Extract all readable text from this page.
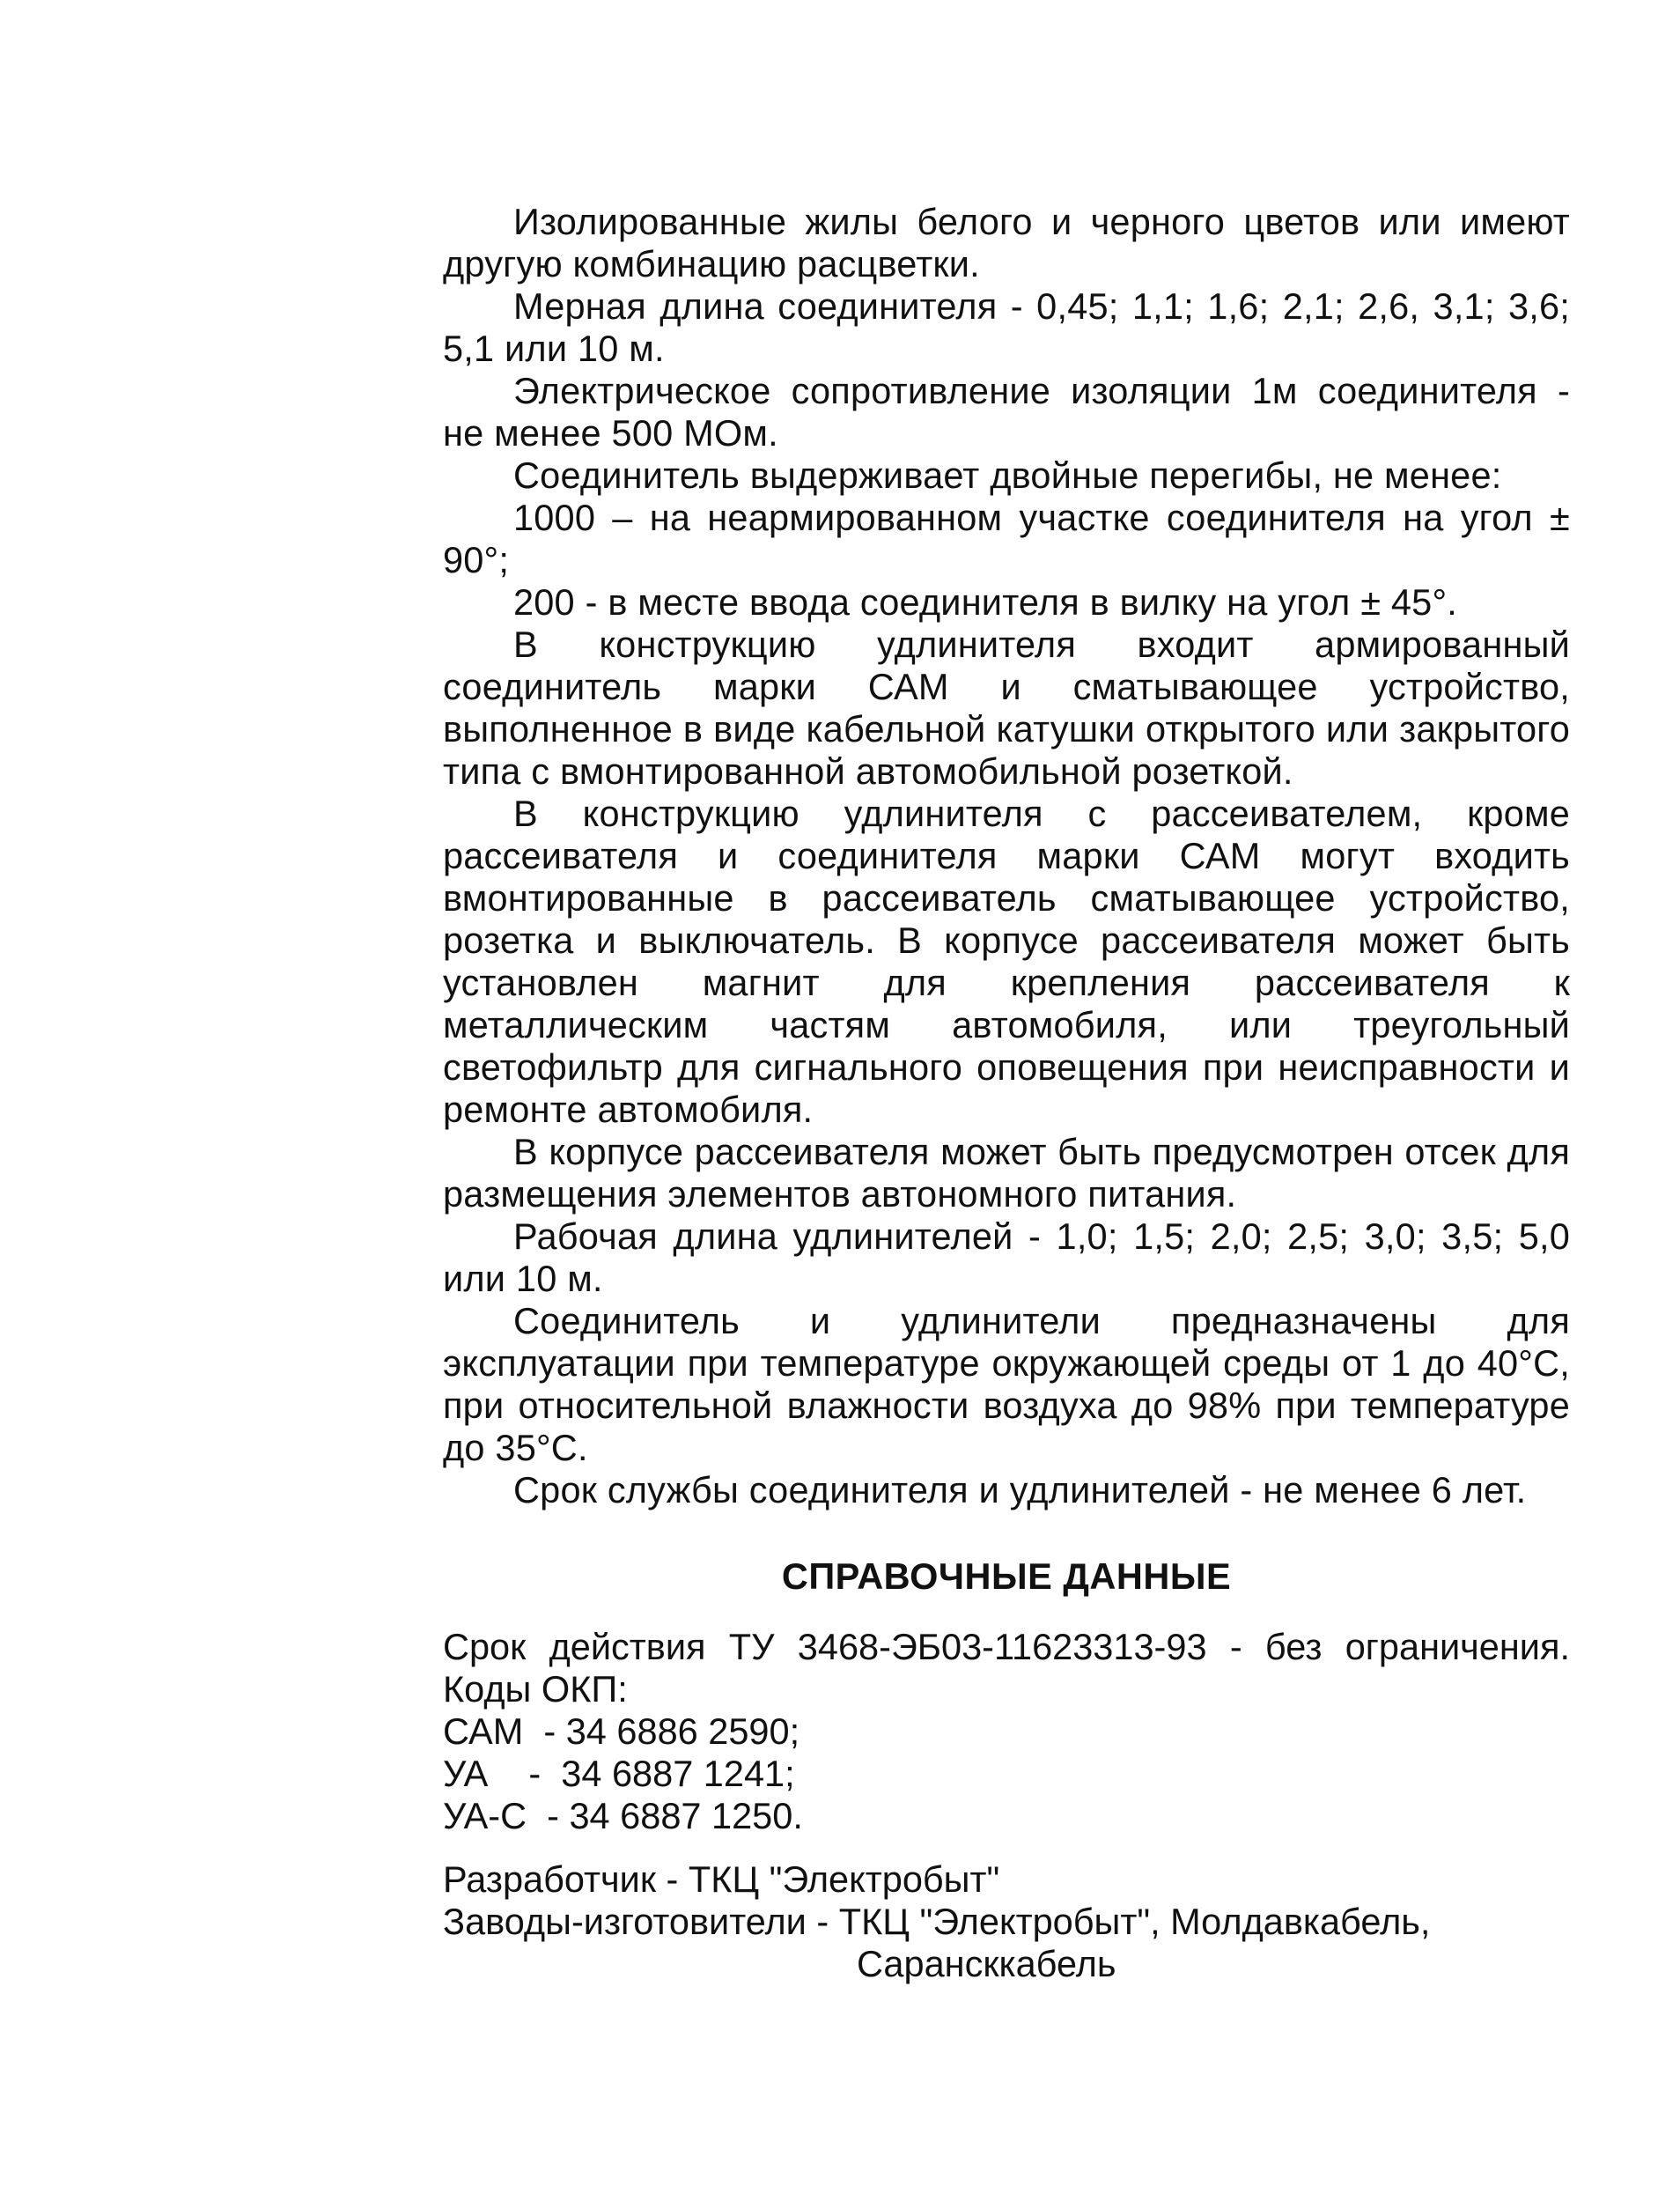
Изолированные жилы белого и черного цветов или имеют другую комбинацию расцветки.

Мерная длина соединителя - 0,45; 1,1; 1,6; 2,1; 2,6, 3,1; 3,6; 5,1 или 10 м.

Электрическое сопротивление изоляции 1м соединителя - не менее 500 МОм.

Соединитель выдерживает двойные перегибы, не менее:

1000 – на неармированном участке соединителя на угол ± 90°;

200 - в месте ввода соединителя в вилку на угол ± 45°.

В конструкцию удлинителя входит армированный соединитель марки САМ и сматывающее устройство, выполненное в виде кабельной катушки открытого или закрытого типа с вмонтированной автомобильной розеткой.

В конструкцию удлинителя с рассеивателем, кроме рассеивателя и соединителя марки САМ могут входить вмонтированные в рассеиватель сматывающее устройство, розетка и выключатель. В корпусе рассеивателя может быть установлен магнит для крепления рассеивателя к металлическим частям автомобиля, или треугольный светофильтр для сигнального оповещения при неисправности и ремонте автомобиля.

В корпусе рассеивателя может быть предусмотрен отсек для размещения элементов автономного питания.

Рабочая длина удлинителей - 1,0; 1,5; 2,0; 2,5; 3,0; 3,5; 5,0 или 10 м.

Соединитель и удлинители предназначены для эксплуатации при температуре окружающей среды от 1 до 40°С, при относительной влажности воздуха до 98% при температуре до 35°С.

Срок службы соединителя и удлинителей - не менее 6 лет.

СПРАВОЧНЫЕ ДАННЫЕ

Срок действия ТУ 3468-ЭБ03-11623313-93 - без ограничения.

Коды ОКП:

САМ  - 34 6886 2590;

УА    -  34 6887 1241;

УА-С  - 34 6887 1250.

Разработчик - ТКЦ "Электробыт"

Заводы-изготовители - ТКЦ "Электробыт", Молдавкабель,

Сарансккабель
